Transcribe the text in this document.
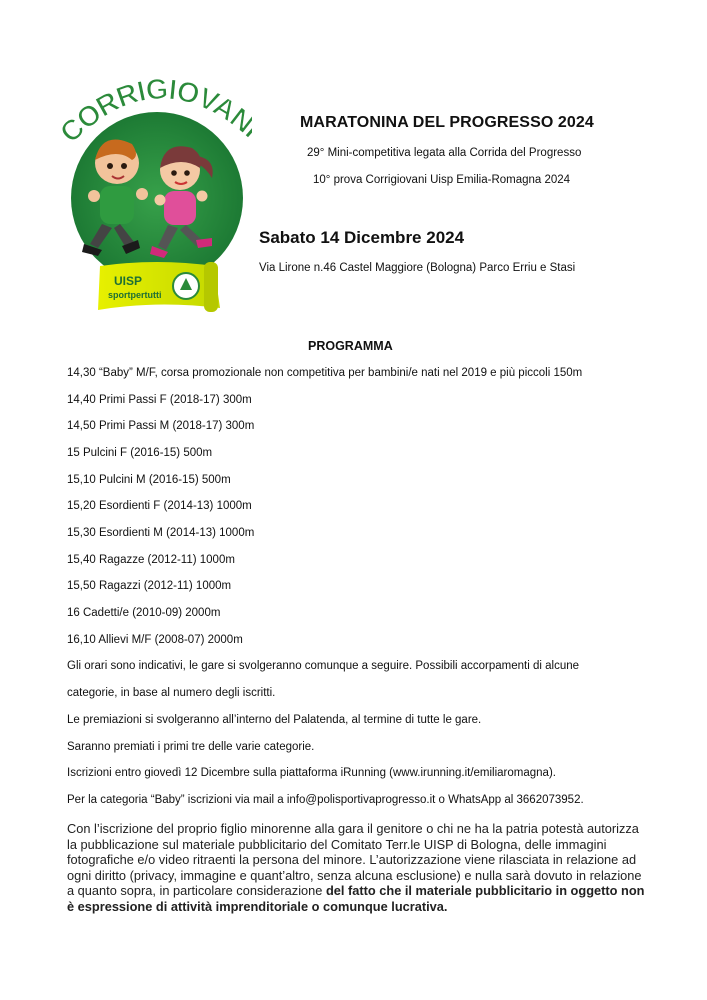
ORRIGIOVA
UISP
sportpertutti
MARATONINA DEL PROGRESSO 2024
29° Mini-competitiva legata alla Corrida del Progresso
10° prova Corrigiovani Uisp Emilia-Romagna 2024
Sabato 14 Dicembre 2024
Via Lirone n.46 Castel Maggiore (Bologna) Parco Erriu e Stasi
PROGRAMMA
14,30 “Baby” M/F, corsa promozionale non competitiva per bambini/e nati nel 2019 e più piccoli 150m
14,40 Primi Passi F (2018-17) 300m
14,50 Primi Passi M (2018-17) 300m
15 Pulcini F (2016-15) 500m
15,10 Pulcini M (2016-15) 500m
15,20 Esordienti F (2014-13) 1000m
15,30 Esordienti M (2014-13) 1000m
15,40 Ragazze (2012-11) 1000m
15,50 Ragazzi (2012-11) 1000m
16 Cadetti/e (2010-09) 2000m
16,10 Allievi M/F (2008-07) 2000m
Gli orari sono indicativi, le gare si svolgeranno comunque a seguire. Possibili accorpamenti di alcune
categorie, in base al numero degli iscritti.
Le premiazioni si svolgeranno all’interno del Palatenda, al termine di tutte le gare.
Saranno premiati i primi tre delle varie categorie.
Iscrizioni entro giovedì 12 Dicembre sulla piattaforma iRunning (www.irunning.it/emiliaromagna).
Per la categoria “Baby” iscrizioni via mail a info@polisportivaprogresso.it o WhatsApp al 3662073952.
Con l’iscrizione del proprio figlio minorenne alla gara il genitore o chi ne ha la patria potestà autorizza la pubblicazione sul materiale pubblicitario del Comitato Terr.le UISP di Bologna, delle immagini fotografiche e/o video ritraenti la persona del minore. L’autorizzazione viene rilasciata in relazione ad ogni diritto (privacy, immagine e quant’altro, senza alcuna esclusione) e nulla sarà dovuto in relazione a quanto sopra, in particolare considerazione del fatto che il materiale pubblicitario in oggetto non è espressione di attività imprenditoriale o comunque lucrativa.
